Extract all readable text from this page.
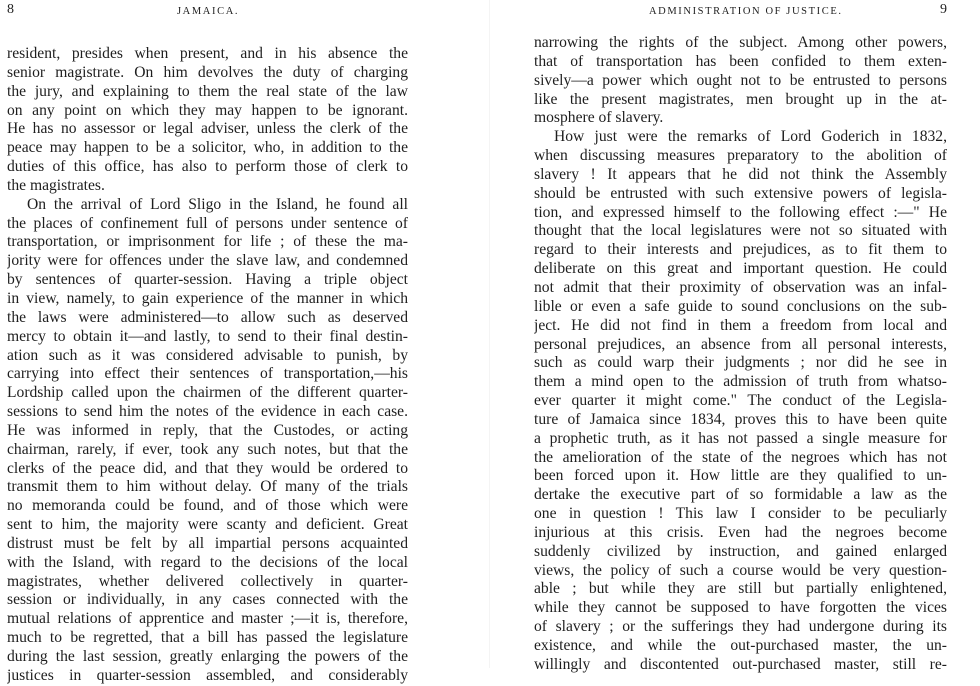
8	JAMAICA.
resident, presides when present, and in his absence the
senior magistrate. On him devolves the duty of charging
the jury, and explaining to them the real state of the law
on any point on which they may happen to be ignorant.
He has no assessor or legal adviser, unless the clerk of the
peace may happen to be a solicitor, who, in addition to the
duties of this office, has also to perform those of clerk to
the magistrates.
On the arrival of Lord Sligo in the Island, he found all
the places of confinement full of persons under sentence of
transportation, or imprisonment for life ; of these the ma-
jority were for offences under the slave law, and condemned
by sentences of quarter-session. Having a triple object
in view, namely, to gain experience of the manner in which
the laws were administered—to allow such as deserved
mercy to obtain it—and lastly, to send to their final destin-
ation such as it was considered advisable to punish, by
carrying into effect their sentences of transportation,—his
Lordship called upon the chairmen of the different quarter-
sessions to send him the notes of the evidence in each case.
He was informed in reply, that the Custodes, or acting
chairman, rarely, if ever, took any such notes, but that the
clerks of the peace did, and that they would be ordered to
transmit them to him without delay. Of many of the trials
no memoranda could be found, and of those which were
sent to him, the majority were scanty and deficient. Great
distrust must be felt by all impartial persons acquainted
with the Island, with regard to the decisions of the local
magistrates, whether delivered collectively in quarter-
session or individually, in any cases connected with the
mutual relations of apprentice and master ;—it is, therefore,
much to be regretted, that a bill has passed the legislature
during the last session, greatly enlarging the powers of the
justices in quarter-session assembled, and considerably
ADMINISTRATION OF JUSTICE.	9
narrowing the rights of the subject. Among other powers,
that of transportation has been confided to them exten-
sively—a power which ought not to be entrusted to persons
like the present magistrates, men brought up in the at-
mosphere of slavery.
How just were the remarks of Lord Goderich in 1832,
when discussing measures preparatory to the abolition of
slavery ! It appears that he did not think the Assembly
should be entrusted with such extensive powers of legisla-
tion, and expressed himself to the following effect :—" He
thought that the local legislatures were not so situated with
regard to their interests and prejudices, as to fit them to
deliberate on this great and important question. He could
not admit that their proximity of observation was an infal-
lible or even a safe guide to sound conclusions on the sub-
ject. He did not find in them a freedom from local and
personal prejudices, an absence from all personal interests,
such as could warp their judgments ; nor did he see in
them a mind open to the admission of truth from whatso-
ever quarter it might come." The conduct of the Legisla-
ture of Jamaica since 1834, proves this to have been quite
a prophetic truth, as it has not passed a single measure for
the amelioration of the state of the negroes which has not
been forced upon it. How little are they qualified to un-
dertake the executive part of so formidable a law as the
one in question ! This law I consider to be peculiarly
injurious at this crisis. Even had the negroes become
suddenly civilized by instruction, and gained enlarged
views, the policy of such a course would be very question-
able ; but while they are still but partially enlightened,
while they cannot be supposed to have forgotten the vices
of slavery ; or the sufferings they had undergone during its
existence, and while the out-purchased master, the un-
willingly and discontented out-purchased master, still re-
